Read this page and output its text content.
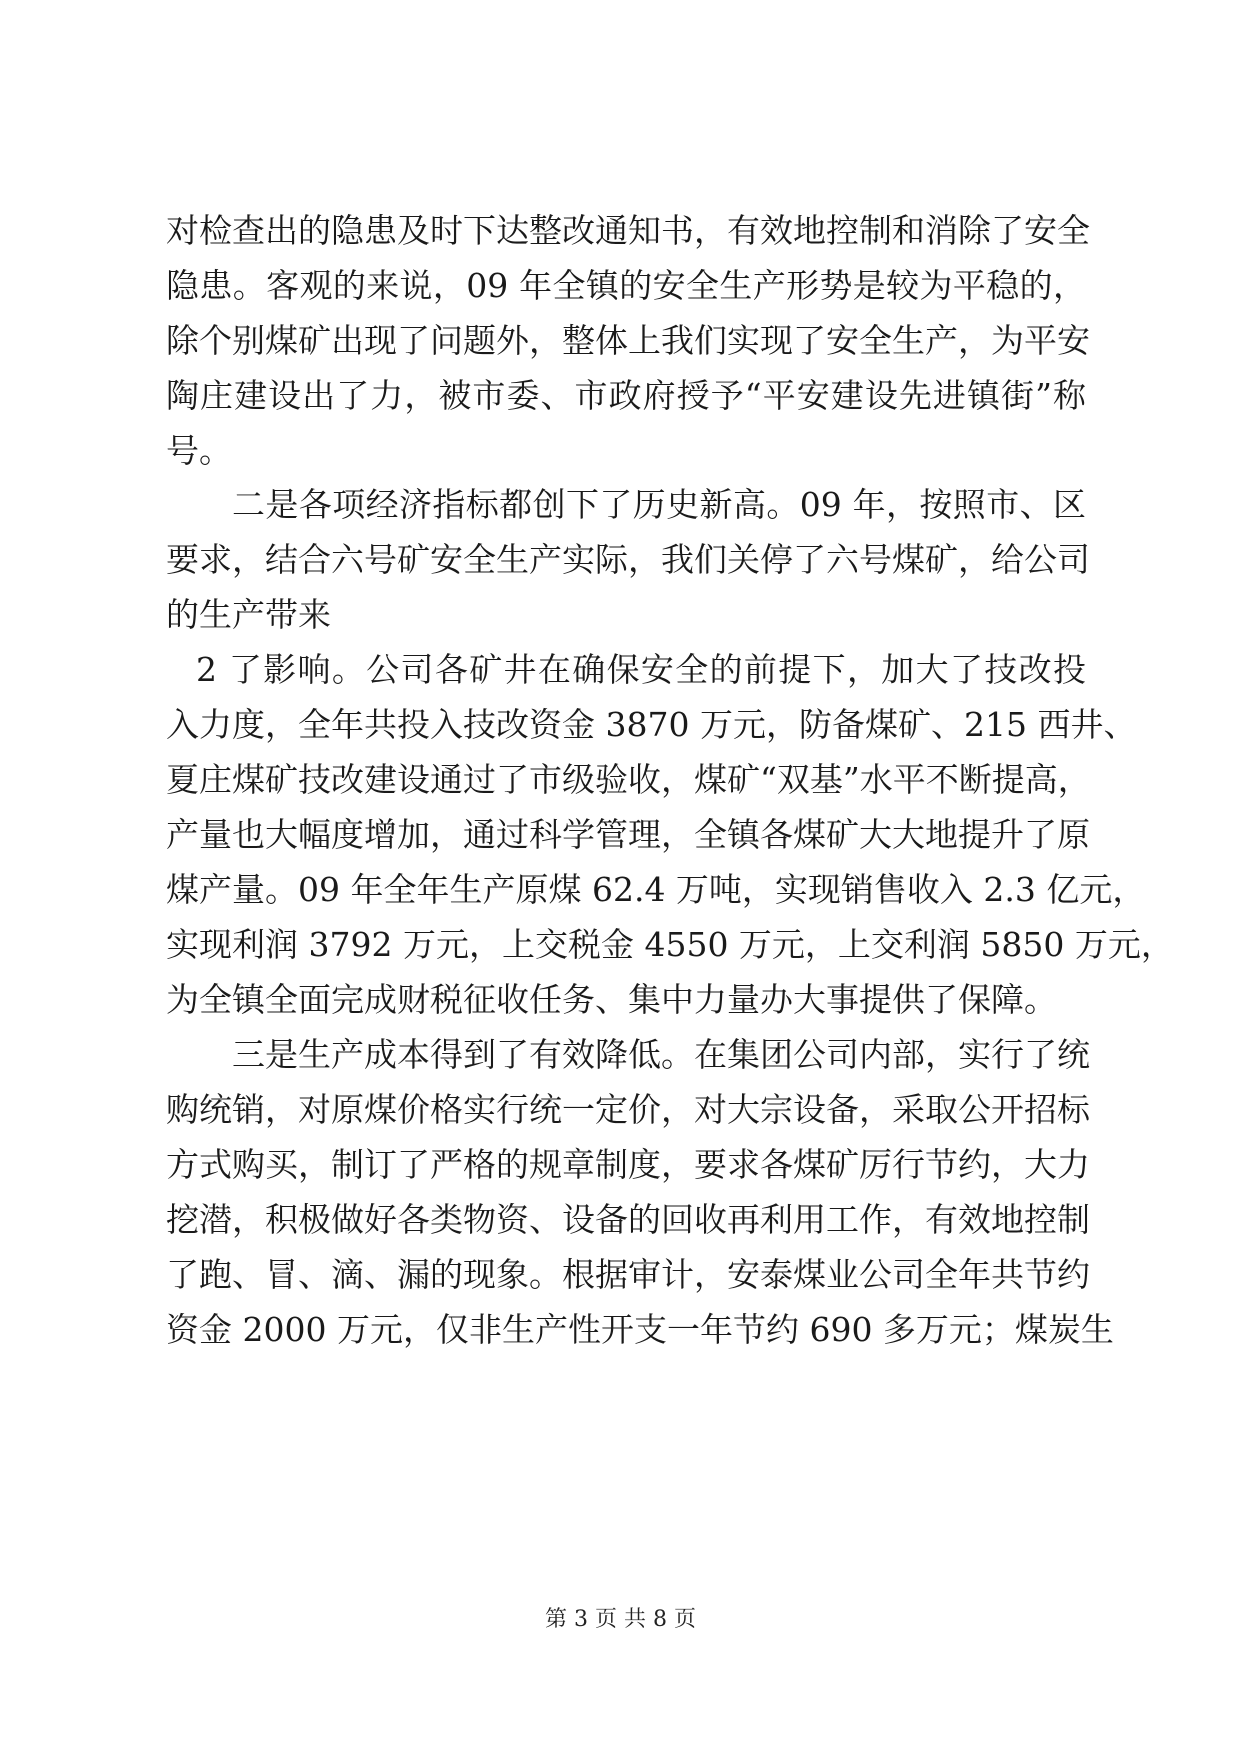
对检查出的隐患及时下达整改通知书，有效地控制和消除了安全
隐患。客观的来说，09 年全镇的安全生产形势是较为平稳的，
除个别煤矿出现了问题外，整体上我们实现了安全生产，为平安
陶庄建设出了力，被市委、市政府授予“平安建设先进镇街”称
号。
二是各项经济指标都创下了历史新高。09 年，按照市、区
要求，结合六号矿安全生产实际，我们关停了六号煤矿，给公司
的生产带来
2 了影响。公司各矿井在确保安全的前提下，加大了技改投
入力度，全年共投入技改资金 3870 万元，防备煤矿、215 西井、
夏庄煤矿技改建设通过了市级验收，煤矿“双基”水平不断提高，
产量也大幅度增加，通过科学管理，全镇各煤矿大大地提升了原
煤产量。09 年全年生产原煤 62.4 万吨，实现销售收入 2.3 亿元，
实现利润 3792 万元，上交税金 4550 万元，上交利润 5850 万元，
为全镇全面完成财税征收任务、集中力量办大事提供了保障。
三是生产成本得到了有效降低。在集团公司内部，实行了统
购统销，对原煤价格实行统一定价，对大宗设备，采取公开招标
方式购买，制订了严格的规章制度，要求各煤矿厉行节约，大力
挖潜，积极做好各类物资、设备的回收再利用工作，有效地控制
了跑、冒、滴、漏的现象。根据审计，安泰煤业公司全年共节约
资金 2000 万元，仅非生产性开支一年节约 690 多万元；煤炭生
第 3 页 共 8 页
